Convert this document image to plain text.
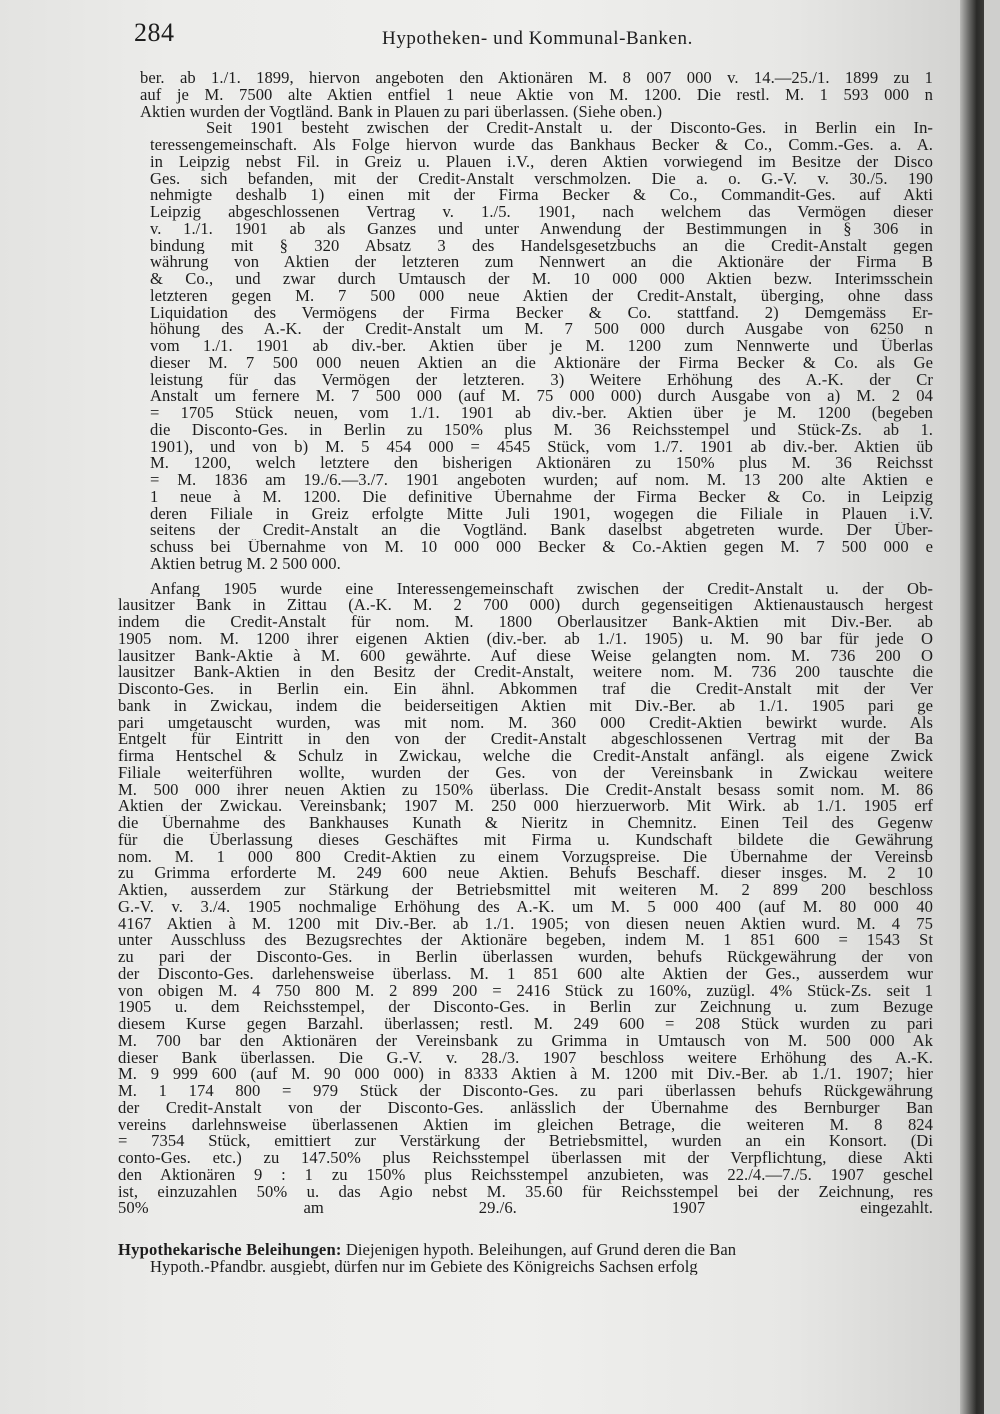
284	Hypotheken- und Kommunal-Banken.
ber. ab 1./1. 1899, hiervon angeboten den Aktionären M. 8 007 000 v. 14.—25./1. 1899 zu 1
auf je M. 7500 alte Aktien entfiel 1 neue Aktie von M. 1200. Die restl. M. 1 593 000 n
Aktien wurden der Vogtländ. Bank in Plauen zu pari überlassen. (Siehe oben.)
Seit 1901 besteht zwischen der Credit-Anstalt u. der Disconto-Ges. in Berlin ein In-
teressengemeinschaft. Als Folge hiervon wurde das Bankhaus Becker & Co., Comm.-Ges. a. A.
in Leipzig nebst Fil. in Greiz u. Plauen i.V., deren Aktien vorwiegend im Besitze der Disco
Ges. sich befanden, mit der Credit-Anstalt verschmolzen. Die a. o. G.-V. v. 30./5. 190
nehmigte deshalb 1) einen mit der Firma Becker & Co., Commandit-Ges. auf Akti
Leipzig abgeschlossenen Vertrag v. 1./5. 1901, nach welchem das Vermögen dieser
v. 1./1. 1901 ab als Ganzes und unter Anwendung der Bestimmungen in § 306 in
bindung mit § 320 Absatz 3 des Handelsgesetzbuchs an die Credit-Anstalt gegen
währung von Aktien der letzteren zum Nennwert an die Aktionäre der Firma B
& Co., und zwar durch Umtausch der M. 10 000 000 Aktien bezw. Interimsschein
letzteren gegen M. 7 500 000 neue Aktien der Credit-Anstalt, überging, ohne dass
Liquidation des Vermögens der Firma Becker & Co. stattfand. 2) Demgemäss Er-
höhung des A.-K. der Credit-Anstalt um M. 7 500 000 durch Ausgabe von 6250 n
vom 1./1. 1901 ab div.-ber. Aktien über je M. 1200 zum Nennwerte und Überlas
dieser M. 7 500 000 neuen Aktien an die Aktionäre der Firma Becker & Co. als Ge
leistung für das Vermögen der letzteren. 3) Weitere Erhöhung des A.-K. der Cr
Anstalt um fernere M. 7 500 000 (auf M. 75 000 000) durch Ausgabe von a) M. 2 04
= 1705 Stück neuen, vom 1./1. 1901 ab div.-ber. Aktien über je M. 1200 (begeben
die Disconto-Ges. in Berlin zu 150% plus M. 36 Reichsstempel und Stück-Zs. ab 1.
1901), und von b) M. 5 454 000 = 4545 Stück, vom 1./7. 1901 ab div.-ber. Aktien üb
M. 1200, welch letztere den bisherigen Aktionären zu 150% plus M. 36 Reichsst
= M. 1836 am 19./6.—3./7. 1901 angeboten wurden; auf nom. M. 13 200 alte Aktien e
1 neue à M. 1200. Die definitive Übernahme der Firma Becker & Co. in Leipzig
deren Filiale in Greiz erfolgte Mitte Juli 1901, wogegen die Filiale in Plauen i.V.
seitens der Credit-Anstalt an die Vogtländ. Bank daselbst abgetreten wurde. Der Über-
schuss bei Übernahme von M. 10 000 000 Becker & Co.-Aktien gegen M. 7 500 000 e
Aktien betrug M. 2 500 000.
Anfang 1905 wurde eine Interessengemeinschaft zwischen der Credit-Anstalt u. der Ob-
lausitzer Bank in Zittau (A.-K. M. 2 700 000) durch gegenseitigen Aktienaustausch hergest
indem die Credit-Anstalt für nom. M. 1800 Oberlausitzer Bank-Aktien mit Div.-Ber. ab
1905 nom. M. 1200 ihrer eigenen Aktien (div.-ber. ab 1./1. 1905) u. M. 90 bar für jede O
lausitzer Bank-Aktie à M. 600 gewährte. Auf diese Weise gelangten nom. M. 736 200 O
lausitzer Bank-Aktien in den Besitz der Credit-Anstalt, weitere nom. M. 736 200 tauschte die
Disconto-Ges. in Berlin ein. Ein ähnl. Abkommen traf die Credit-Anstalt mit der Ver
bank in Zwickau, indem die beiderseitigen Aktien mit Div.-Ber. ab 1./1. 1905 pari ge
pari umgetauscht wurden, was mit nom. M. 360 000 Credit-Aktien bewirkt wurde. Als
Entgelt für Eintritt in den von der Credit-Anstalt abgeschlossenen Vertrag mit der Ba
firma Hentschel & Schulz in Zwickau, welche die Credit-Anstalt anfängl. als eigene Zwick
Filiale weiterführen wollte, wurden der Ges. von der Vereinsbank in Zwickau weitere
M. 500 000 ihrer neuen Aktien zu 150% überlass. Die Credit-Anstalt besass somit nom. M. 86
Aktien der Zwickau. Vereinsbank; 1907 M. 250 000 hierzuerworb. Mit Wirk. ab 1./1. 1905 erf
die Übernahme des Bankhauses Kunath & Nieritz in Chemnitz. Einen Teil des Gegenw
für die Überlassung dieses Geschäftes mit Firma u. Kundschaft bildete die Gewährung
nom. M. 1 000 800 Credit-Aktien zu einem Vorzugspreise. Die Übernahme der Vereinsb
zu Grimma erforderte M. 249 600 neue Aktien. Behufs Beschaff. dieser insges. M. 2 10
Aktien, ausserdem zur Stärkung der Betriebsmittel mit weiteren M. 2 899 200 beschloss
G.-V. v. 3./4. 1905 nochmalige Erhöhung des A.-K. um M. 5 000 400 (auf M. 80 000 40
4167 Aktien à M. 1200 mit Div.-Ber. ab 1./1. 1905; von diesen neuen Aktien wurd. M. 4 75
unter Ausschluss des Bezugsrechtes der Aktionäre begeben, indem M. 1 851 600 = 1543 St
zu pari der Disconto-Ges. in Berlin überlassen wurden, behufs Rückgewährung der von
der Disconto-Ges. darlehensweise überlass. M. 1 851 600 alte Aktien der Ges., ausserdem wur
von obigen M. 4 750 800 M. 2 899 200 = 2416 Stück zu 160%, zuzügl. 4% Stück-Zs. seit 1
1905 u. dem Reichsstempel, der Disconto-Ges. in Berlin zur Zeichnung u. zum Bezuge
diesem Kurse gegen Barzahl. überlassen; restl. M. 249 600 = 208 Stück wurden zu pari
M. 700 bar den Aktionären der Vereinsbank zu Grimma in Umtausch von M. 500 000 Ak
dieser Bank überlassen. Die G.-V. v. 28./3. 1907 beschloss weitere Erhöhung des A.-K.
M. 9 999 600 (auf M. 90 000 000) in 8333 Aktien à M. 1200 mit Div.-Ber. ab 1./1. 1907; hier
M. 1 174 800 = 979 Stück der Disconto-Ges. zu pari überlassen behufs Rückgewährung
der Credit-Anstalt von der Disconto-Ges. anlässlich der Übernahme des Bernburger Ban
vereins darlehnsweise überlassenen Aktien im gleichen Betrage, die weiteren M. 8 824
= 7354 Stück, emittiert zur Verstärkung der Betriebsmittel, wurden an ein Konsort. (Di
conto-Ges. etc.) zu 147.50% plus Reichsstempel überlassen mit der Verpflichtung, diese Akti
den Aktionären 9 : 1 zu 150% plus Reichsstempel anzubieten, was 22./4.—7./5. 1907 geschel
ist, einzuzahlen 50% u. das Agio nebst M. 35.60 für Reichsstempel bei der Zeichnung, res
50% am 29./6. 1907 eingezahlt.
Hypothekarische Beleihungen: Diejenigen hypoth. Beleihungen, auf Grund deren die Ban
Hypoth.-Pfandbr. ausgiebt, dürfen nur im Gebiete des Königreichs Sachsen erfolg
